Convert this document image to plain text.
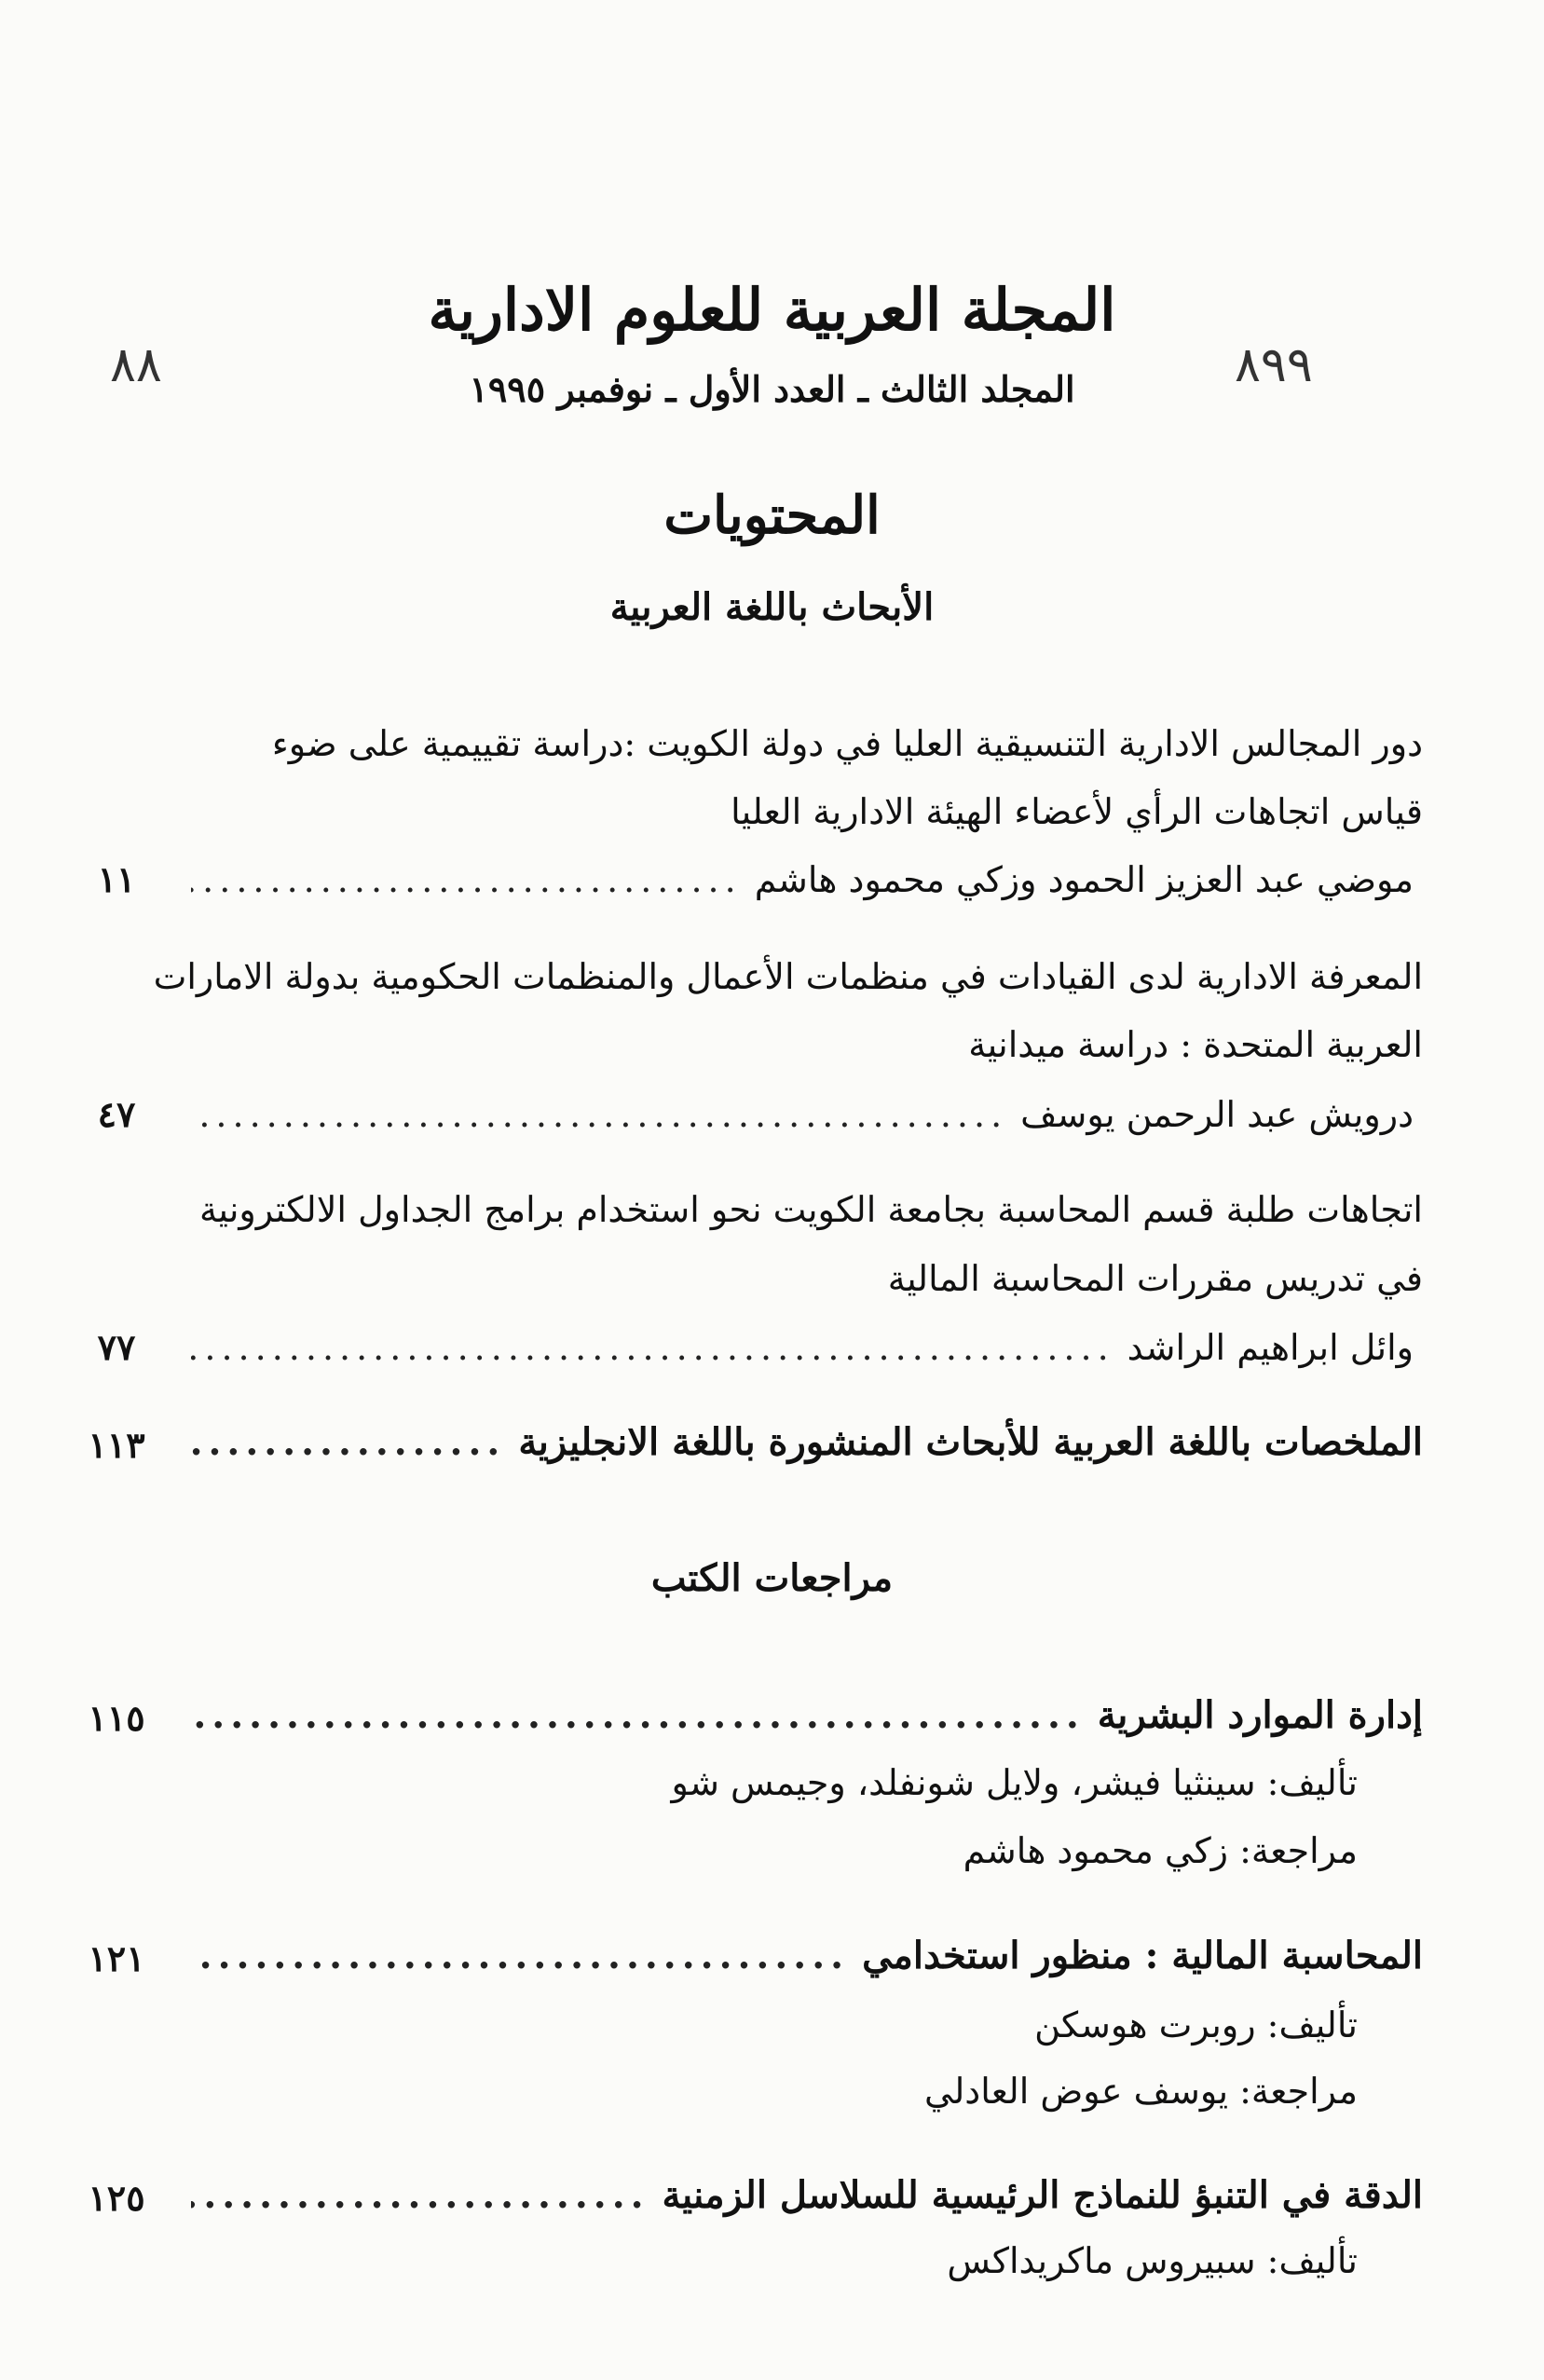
٨٨	٨٩٩
المجلة العربية للعلوم الادارية
المجلد الثالث ـ العدد الأول ـ نوفمبر ١٩٩٥
المحتويات
الأبحاث باللغة العربية
دور المجالس الادارية التنسيقية العليا في دولة الكويت :دراسة تقييمية على ضوء
قياس اتجاهات الرأي لأعضاء الهيئة الادارية العليا
موضي عبد العزيز الحمود وزكي محمود هاشم
.....
١١
المعرفة الادارية لدى القيادات في منظمات الأعمال والمنظمات الحكومية بدولة الامارات
العربية المتحدة : دراسة ميدانية
درويش عبد الرحمن يوسف
.....
٤٧
اتجاهات طلبة قسم المحاسبة بجامعة الكويت نحو استخدام برامج الجداول الالكترونية
في تدريس مقررات المحاسبة المالية
وائل ابراهيم الراشد
.....
٧٧
الملخصات باللغة العربية للأبحاث المنشورة باللغة الانجليزية
.....
١١٣
مراجعات الكتب
إدارة الموارد البشرية
.....
١١٥
تأليف: سينثيا فيشر، ولايل شونفلد، وجيمس شو
مراجعة: زكي محمود هاشم
المحاسبة المالية : منظور استخدامي
.....
١٢١
تأليف: روبرت هوسكن
مراجعة: يوسف عوض العادلي
الدقة في التنبؤ للنماذج الرئيسية للسلاسل الزمنية
.....
١٢٥
تأليف: سبيروس ماكريداكس
